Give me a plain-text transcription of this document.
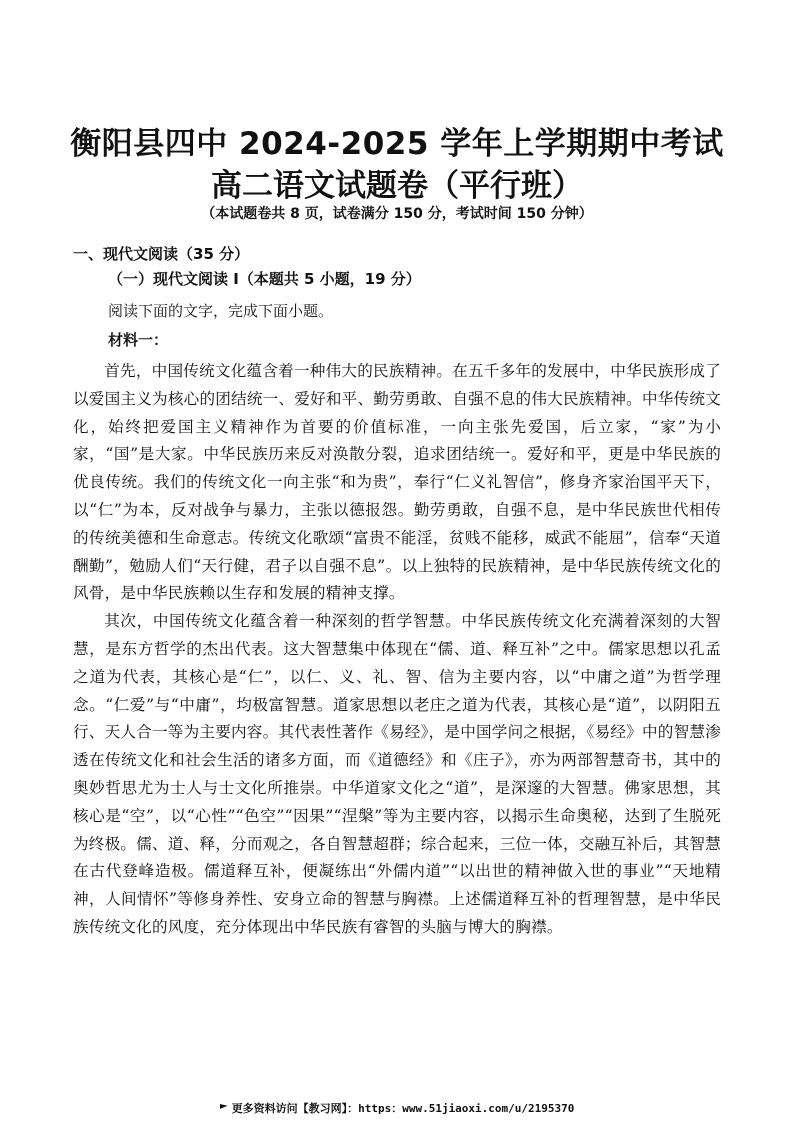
衡阳县四中 2024-2025 学年上学期期中考试
高二语文试题卷（平行班）
（本试题卷共 8 页，试卷满分 150 分，考试时间 150 分钟）
一、现代文阅读（35 分）
（一）现代文阅读 I（本题共 5 小题，19 分）
阅读下面的文字，完成下面小题。
材料一：

首先，中国传统文化蕴含着一种伟大的民族精神。在五千多年的发展中，中华民族形成了以爱国主义为核心的团结统一、爱好和平、勤劳勇敢、自强不息的伟大民族精神。中华传统文化，始终把爱国主义精神作为首要的价值标准，一向主张先爱国，后立家，“家”为小家，“国”是大家。中华民族历来反对涣散分裂，追求团结统一。爱好和平，更是中华民族的优良传统。我们的传统文化一向主张“和为贵”，奉行“仁义礼智信”，修身齐家治国平天下，以“仁”为本，反对战争与暴力，主张以德报怨。勤劳勇敢，自强不息，是中华民族世代相传的传统美德和生命意志。传统文化歌颂“富贵不能淫，贫贱不能移，威武不能屈”，信奉“天道酬勤”，勉励人们“天行健，君子以自强不息”。以上独特的民族精神，是中华民族传统文化的风骨，是中华民族赖以生存和发展的精神支撑。

其次，中国传统文化蕴含着一种深刻的哲学智慧。中华民族传统文化充满着深刻的大智慧，是东方哲学的杰出代表。这大智慧集中体现在“儒、道、释互补”之中。儒家思想以孔孟之道为代表，其核心是“仁”，以仁、义、礼、智、信为主要内容，以“中庸之道”为哲学理念。“仁爱”与“中庸”，均极富智慧。道家思想以老庄之道为代表，其核心是“道”，以阴阳五行、天人合一等为主要内容。其代表性著作《易经》，是中国学问之根据，《易经》中的智慧渗透在传统文化和社会生活的诸多方面，而《道德经》和《庄子》，亦为两部智慧奇书，其中的奥妙哲思尤为士人与士文化所推崇。中华道家文化之“道”，是深邃的大智慧。佛家思想，其核心是“空”，以“心性”“色空”“因果”“涅槃”等为主要内容，以揭示生命奥秘，达到了生脱死为终极。儒、道、释，分而观之，各自智慧超群；综合起来，三位一体，交融互补后，其智慧在古代登峰造极。儒道释互补，便凝练出“外儒内道”“以出世的精神做入世的事业”“天地精神，人间情怀”等修身养性、安身立命的智慧与胸襟。上述儒道释互补的哲理智慧，是中华民族传统文化的风度，充分体现出中华民族有睿智的头脑与博大的胸襟。

更多资料访问【教习网】：https：www.51jiaoxi.com/u/2195370
